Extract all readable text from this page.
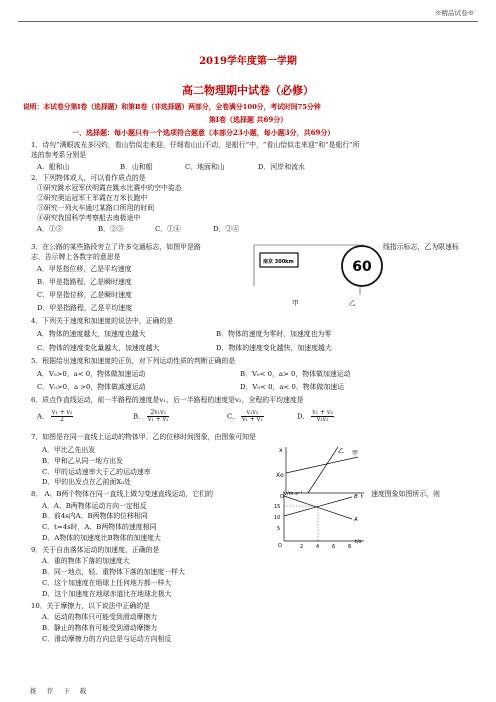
※精品试卷※
2019学年度第一学期
高二物理期中试卷（必修）
说明：本试卷分第Ⅰ卷（选择题）和第Ⅱ卷（非选择题）两部分，全卷满分100分，考试时间75分钟
第Ⅰ卷（选择题 共69分）
一、选择题：每小题只有一个选项符合题意（本部分23小题，每小题3分，共69分）
1．诗句“满眼波光多闪灼，看山恰似走来迎，仔细看山山不动，是船行”中，“看山恰似走来迎”和“是船行”所
选的参考系分别是
A．船和山	B．山和船	C．地面和山	D．河岸和流水
2．下列物体或人，可以看作质点的是
①研究跳水冠军伏明霞在跳水比赛中的空中姿态
②研究奥运冠军王军霞在万米长跑中
③研究一列火车通过某路口所用的时间
④研究我国科学考察船去南极途中
A．①③	B．②③	C．①④	D．②④
3．在公路的某些路段旁立了许多交通标志，如图甲是路	线指示标志，乙为限速标
志，告示牌上各数字的意思是
A．甲是指位移，乙是平均速度
B．甲是指路程，乙是瞬时速度
C．甲是指位移，乙是瞬时速度
D．甲是指路程，乙是平均速度
南京 300km	60
甲	乙
4．下列关于速度和加速度的说法中，正确的是
A．物体的速度越大，加速度也越大	B．物体的速度为零时，加速度也为零
C．物体的速度变化量越大，加速度越大	D．物体的速度变化越快，加速度越大
5．根据给出速度和加速度的正负，对下列运动性质的判断正确的是
A．V₀>0，a< 0，物体做加速运动	B．V₀< 0，a> 0，物体做加速运动
C．V₀>0，a >0，物体做减速运动	D．V₀< 0，a< 0，物体做加速运
6．质点作直线运动，前一半路程的速度是v₁，后一半路程的速度是v₂，全程的平均速度是
A． $\frac{\text{v₁ + v₂}}{2}$	B． $\frac{\text{2v₁v₂}}{\text{v₁ + v₂}}$	C． $\frac{\text{v₁v₂}}{\text{v₁ + v₂}}$	D． $\frac{\text{v₁ + v₂}}{\text{v₁v₂}}$
7．如图是在同一直线上运动的物体甲、乙的位移时间图象，由图象可知是
A．甲比乙先出发
B．甲和乙从同一地方出发
C．甲的运动速率大于乙的运动速率
D．甲的出发点在乙前面X₀处
x
Xo
O	t
乙 甲
8． A、B两个物体在同一直线上做匀变速直线运动，它们的	速度图象如图所示，则
A．A、B两物体运动方向一定相反
B．前4s内A、B两物体的位移相同
C．t=4s时，A、B两物体的速度相同
D．A物体的加速度比B物体的加速度大
v/m·s⁻¹
15
10
5
O	2	4	6	8
t/s
B
A
9．关于自由落体运动的加速度，正确的是
A．重的物体下落的加速度大
B．同一地点，轻、重物体下落的加速度一样大
C．这个加速度在地球上任何地方都一样大
D．这个加速度在地球赤道比在地球北极大
10．关于摩擦力，以下说法中正确的是
A．运动的物体只可能受到滑动摩擦力
B．静止的物体有可能受到滑动摩擦力
C．滑动摩擦力的方向总是与运动方向相反
推 荐 下 载
